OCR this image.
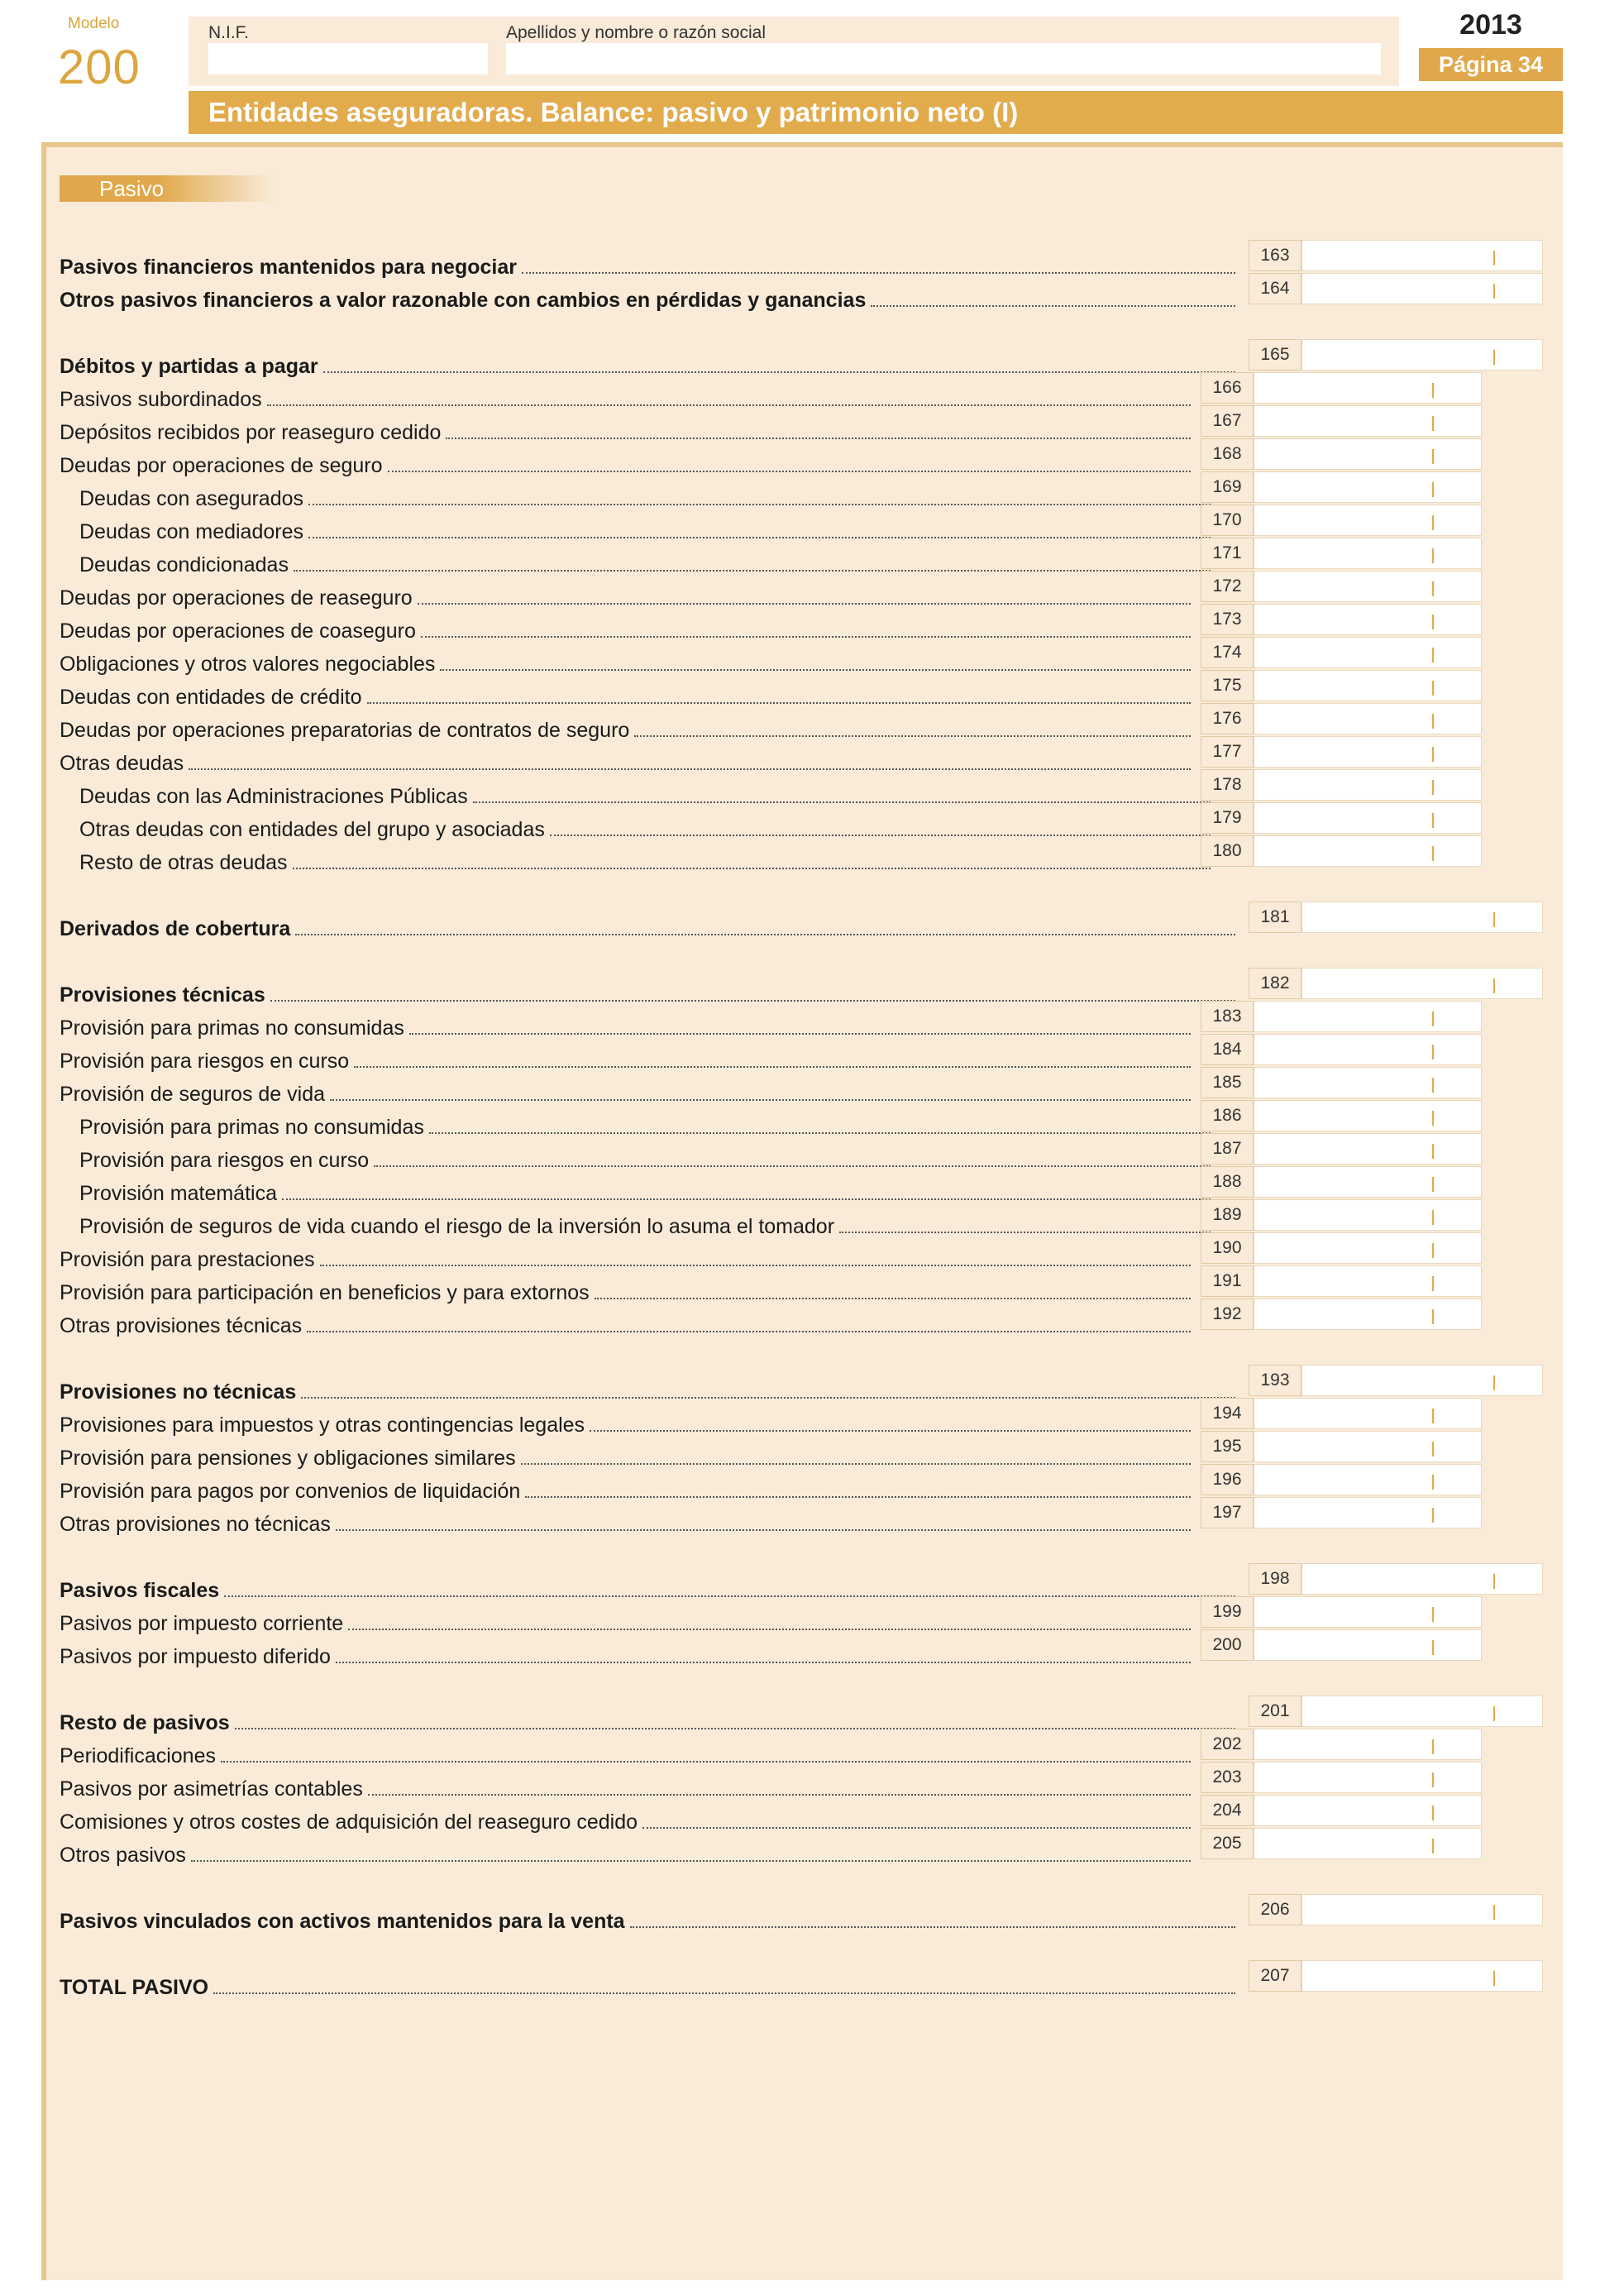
Modelo
200
N.I.F.	Apellidos y nombre o razón social	2013
Página 34
Entidades aseguradoras. Balance: pasivo y patrimonio neto (I)
Pasivo
Pasivos financieros mantenidos para negociar
163
Otros pasivos financieros a valor razonable con cambios en pérdidas y ganancias
164
Débitos y partidas a pagar
165
Pasivos subordinados
166
Depósitos recibidos por reaseguro cedido
167
Deudas por operaciones de seguro
168
Deudas con asegurados
169
Deudas con mediadores
170
Deudas condicionadas
171
Deudas por operaciones de reaseguro
172
Deudas por operaciones de coaseguro
173
Obligaciones y otros valores negociables
174
Deudas con entidades de crédito
175
Deudas por operaciones preparatorias de contratos de seguro
176
Otras deudas
177
Deudas con las Administraciones Públicas
178
Otras deudas con entidades del grupo y asociadas
179
Resto de otras deudas
180
Derivados de cobertura
181
Provisiones técnicas
182
Provisión para primas no consumidas
183
Provisión para riesgos en curso
184
Provisión de seguros de vida
185
Provisión para primas no consumidas
186
Provisión para riesgos en curso
187
Provisión matemática
188
Provisión de seguros de vida cuando el riesgo de la inversión lo asuma el tomador
189
Provisión para prestaciones
190
Provisión para participación en beneficios y para extornos
191
Otras provisiones técnicas
192
Provisiones no técnicas
193
Provisiones para impuestos y otras contingencias legales
194
Provisión para pensiones y obligaciones similares
195
Provisión para pagos por convenios de liquidación
196
Otras provisiones no técnicas
197
Pasivos fiscales
198
Pasivos por impuesto corriente
199
Pasivos por impuesto diferido
200
Resto de pasivos
201
Periodificaciones
202
Pasivos por asimetrías contables
203
Comisiones y otros costes de adquisición del reaseguro cedido
204
Otros pasivos
205
Pasivos vinculados con activos mantenidos para la venta
206
TOTAL PASIVO
207
